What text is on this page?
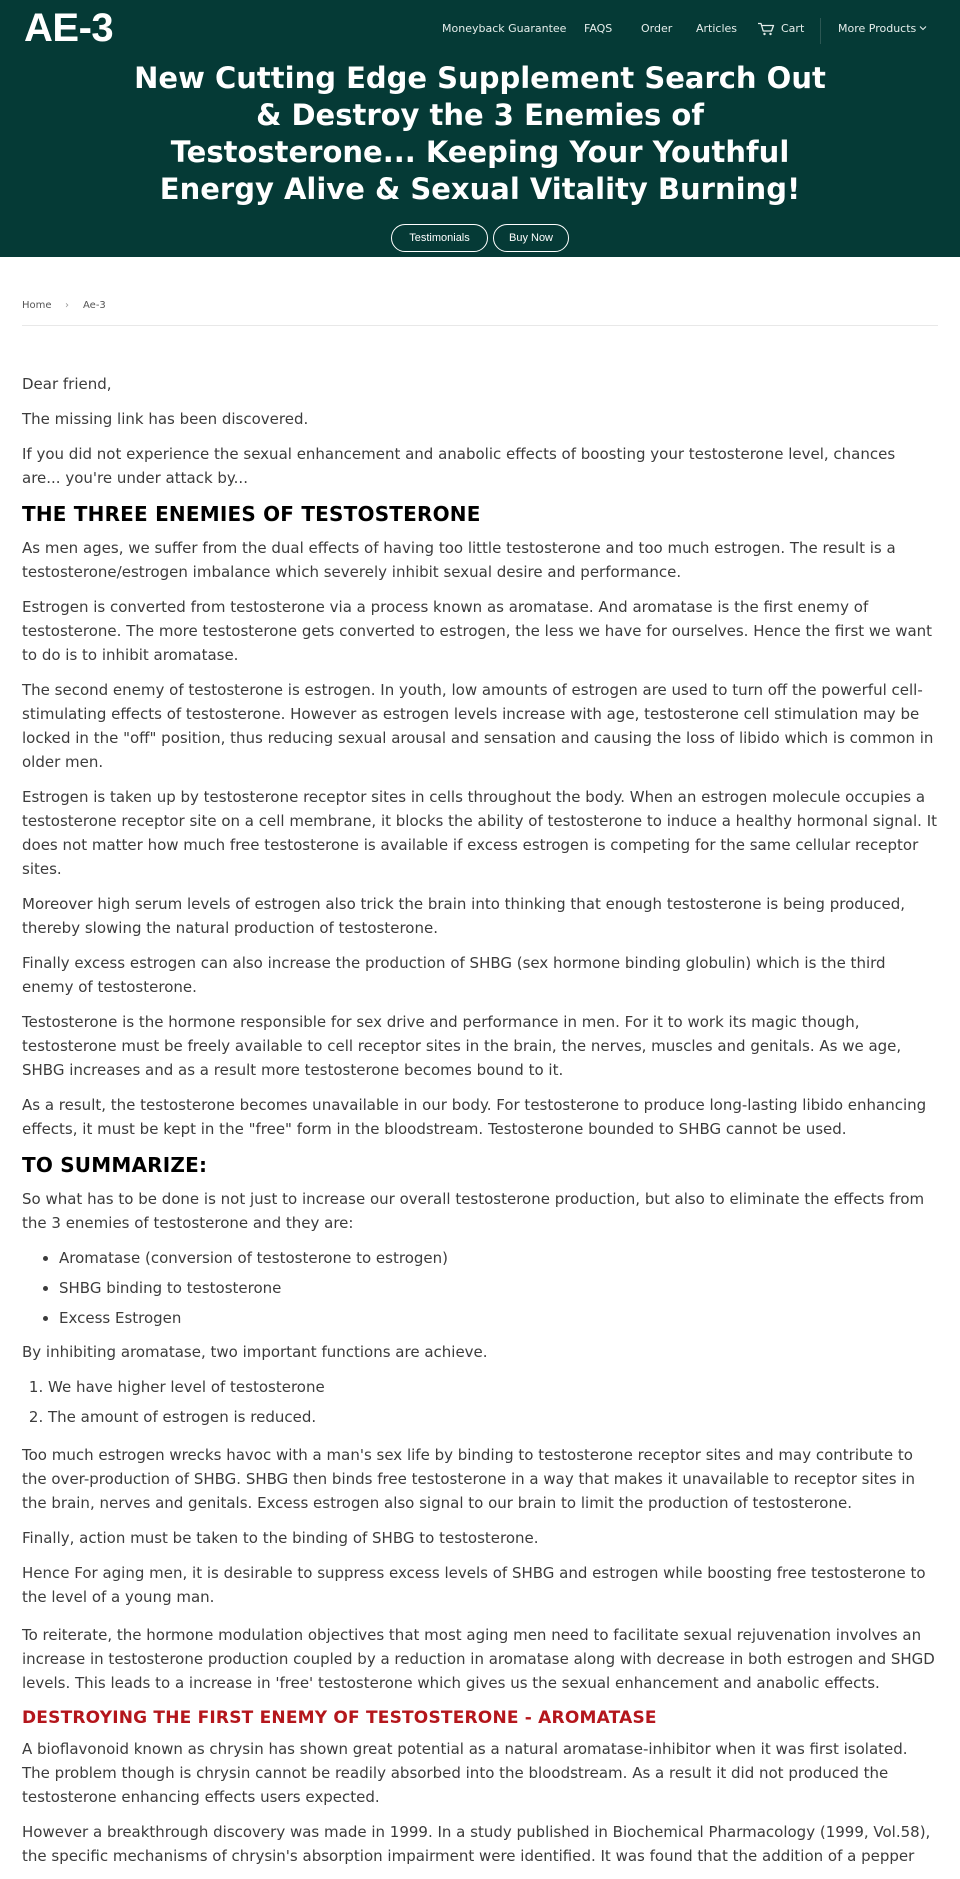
AE-3	Moneyback Guarantee FAQS	Order Articles	Cart	More Products
New Cutting Edge Supplement Search Out & Destroy the 3 Enemies of Testosterone... Keeping Your Youthful Energy Alive & Sexual Vitality Burning!
Testimonials	Buy Now
Home › Ae-3

Dear friend,

The missing link has been discovered.

If you did not experience the sexual enhancement and anabolic effects of boosting your testosterone level, chances are... you're under attack by...

THE THREE ENEMIES OF TESTOSTERONE

As men ages, we suffer from the dual effects of having too little testosterone and too much estrogen. The result is a testosterone/estrogen imbalance which severely inhibit sexual desire and performance.

Estrogen is converted from testosterone via a process known as aromatase. And aromatase is the first enemy of testosterone. The more testosterone gets converted to estrogen, the less we have for ourselves. Hence the first we want to do is to inhibit aromatase.

The second enemy of testosterone is estrogen. In youth, low amounts of estrogen are used to turn off the powerful cell-stimulating effects of testosterone. However as estrogen levels increase with age, testosterone cell stimulation may be locked in the "off" position, thus reducing sexual arousal and sensation and causing the loss of libido which is common in older men.

Estrogen is taken up by testosterone receptor sites in cells throughout the body. When an estrogen molecule occupies a testosterone receptor site on a cell membrane, it blocks the ability of testosterone to induce a healthy hormonal signal. It does not matter how much free testosterone is available if excess estrogen is competing for the same cellular receptor sites.

Moreover high serum levels of estrogen also trick the brain into thinking that enough testosterone is being produced, thereby slowing the natural production of testosterone.

Finally excess estrogen can also increase the production of SHBG (sex hormone binding globulin) which is the third enemy of testosterone.

Testosterone is the hormone responsible for sex drive and performance in men. For it to work its magic though, testosterone must be freely available to cell receptor sites in the brain, the nerves, muscles and genitals. As we age, SHBG increases and as a result more testosterone becomes bound to it.

As a result, the testosterone becomes unavailable in our body. For testosterone to produce long-lasting libido enhancing effects, it must be kept in the "free" form in the bloodstream. Testosterone bounded to SHBG cannot be used.

TO SUMMARIZE:

So what has to be done is not just to increase our overall testosterone production, but also to eliminate the effects from the 3 enemies of testosterone and they are:

• Aromatase (conversion of testosterone to estrogen)
• SHBG binding to testosterone
• Excess Estrogen

By inhibiting aromatase, two important functions are achieve.

1. We have higher level of testosterone
2. The amount of estrogen is reduced.

Too much estrogen wrecks havoc with a man's sex life by binding to testosterone receptor sites and may contribute to the over-production of SHBG. SHBG then binds free testosterone in a way that makes it unavailable to receptor sites in the brain, nerves and genitals. Excess estrogen also signal to our brain to limit the production of testosterone.

Finally, action must be taken to the binding of SHBG to testosterone.

Hence For aging men, it is desirable to suppress excess levels of SHBG and estrogen while boosting free testosterone to the level of a young man.

To reiterate, the hormone modulation objectives that most aging men need to facilitate sexual rejuvenation involves an increase in testosterone production coupled by a reduction in aromatase along with decrease in both estrogen and SHGD levels. This leads to a increase in 'free' testosterone which gives us the sexual enhancement and anabolic effects.

DESTROYING THE FIRST ENEMY OF TESTOSTERONE - AROMATASE

A bioflavonoid known as chrysin has shown great potential as a natural aromatase-inhibitor when it was first isolated. The problem though is chrysin cannot be readily absorbed into the bloodstream. As a result it did not produced the testosterone enhancing effects users expected.

However a breakthrough discovery was made in 1999. In a study published in Biochemical Pharmacology (1999, Vol.58), the specific mechanisms of chrysin's absorption impairment were identified. It was found that the addition of a pepper
